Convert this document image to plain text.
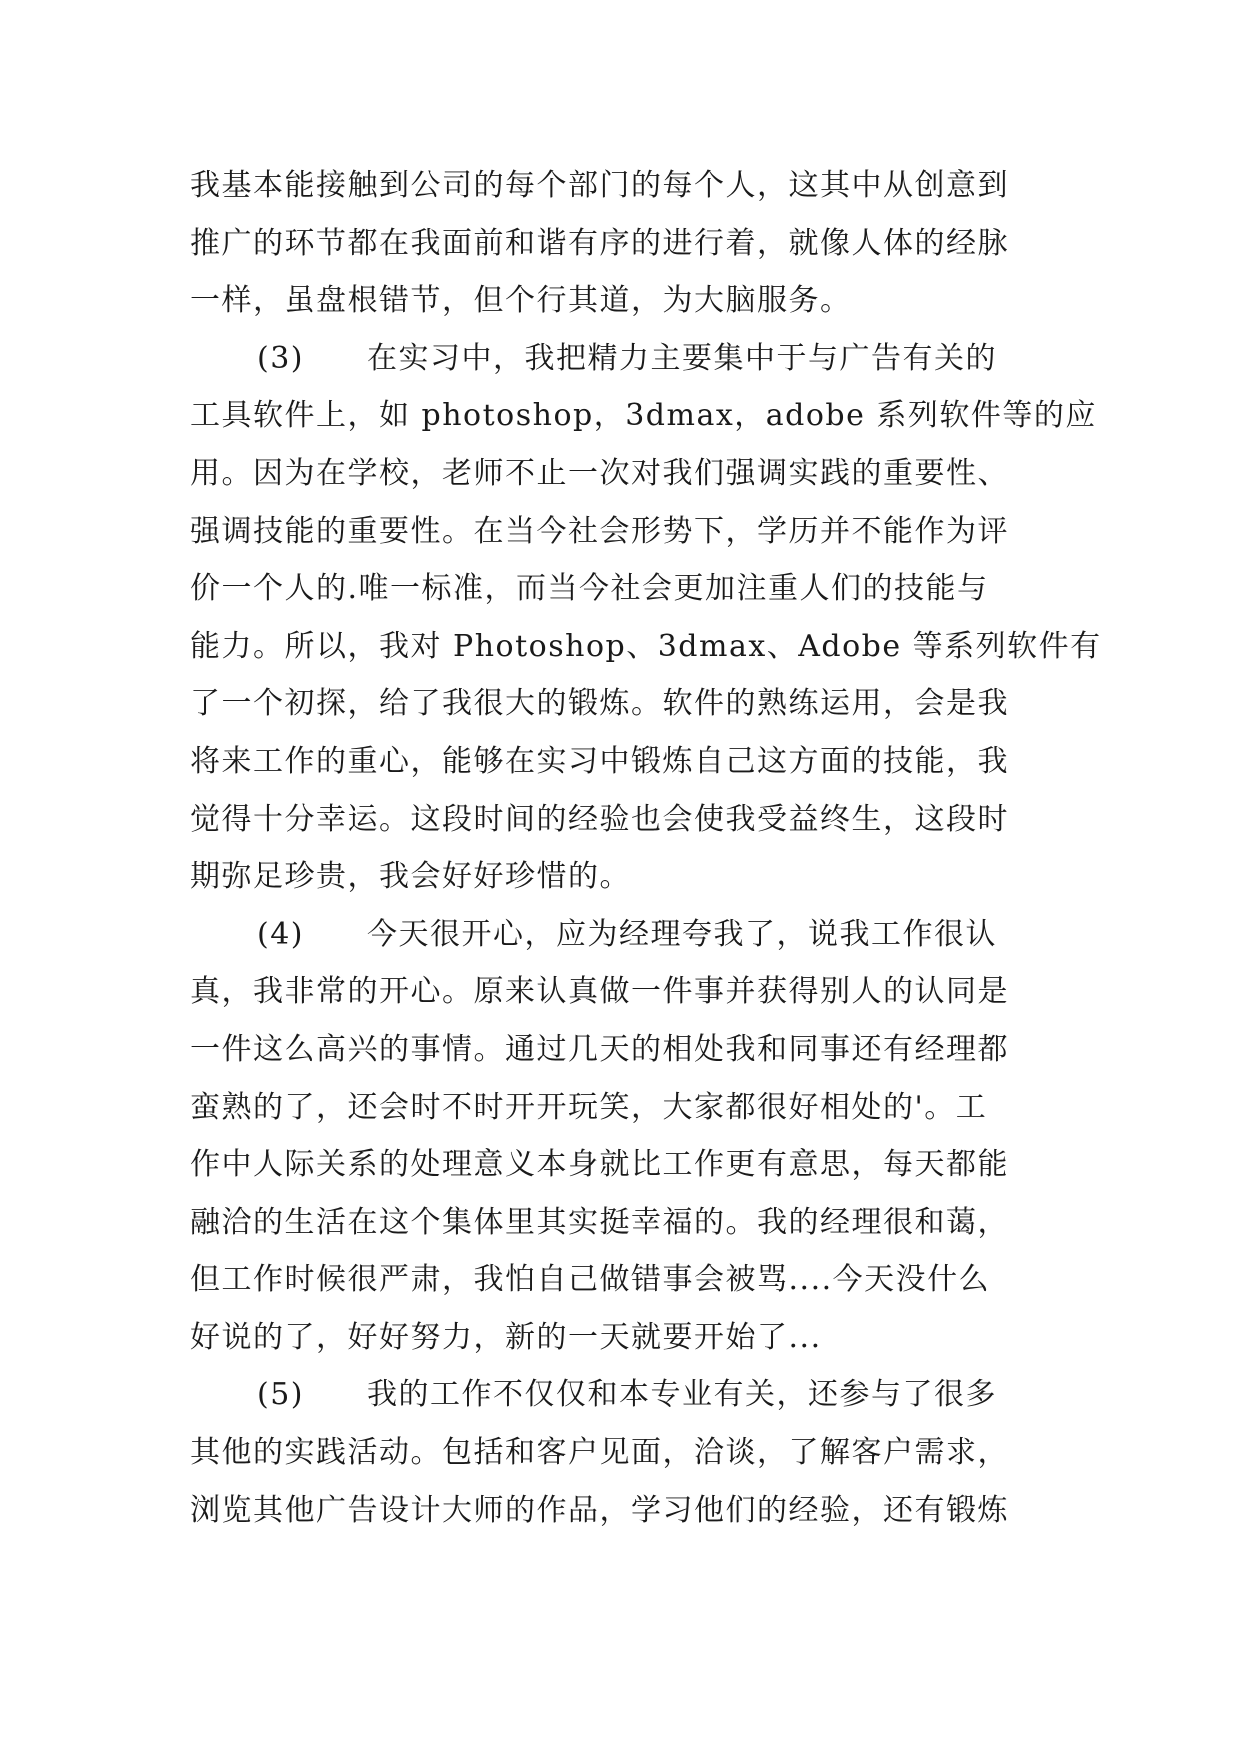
我基本能接触到公司的每个部门的每个人，这其中从创意到
推广的环节都在我面前和谐有序的进行着，就像人体的经脉
一样，虽盘根错节，但个行其道，为大脑服务。
(3) 在实习中，我把精力主要集中于与广告有关的
工具软件上，如 photoshop，3dmax，adobe 系列软件等的应
用。因为在学校，老师不止一次对我们强调实践的重要性、
强调技能的重要性。在当今社会形势下，学历并不能作为评
价一个人的.唯一标准，而当今社会更加注重人们的技能与
能力。所以，我对 Photoshop、3dmax、Adobe 等系列软件有
了一个初探，给了我很大的锻炼。软件的熟练运用，会是我
将来工作的重心，能够在实习中锻炼自己这方面的技能，我
觉得十分幸运。这段时间的经验也会使我受益终生，这段时
期弥足珍贵，我会好好珍惜的。
(4) 今天很开心，应为经理夸我了，说我工作很认
真，我非常的开心。原来认真做一件事并获得别人的认同是
一件这么高兴的事情。通过几天的相处我和同事还有经理都
蛮熟的了，还会时不时开开玩笑，大家都很好相处的'。工
作中人际关系的处理意义本身就比工作更有意思，每天都能
融洽的生活在这个集体里其实挺幸福的。我的经理很和蔼，
但工作时候很严肃，我怕自己做错事会被骂....今天没什么
好说的了，好好努力，新的一天就要开始了...
(5) 我的工作不仅仅和本专业有关，还参与了很多
其他的实践活动。包括和客户见面，洽谈，了解客户需求，
浏览其他广告设计大师的作品，学习他们的经验，还有锻炼
